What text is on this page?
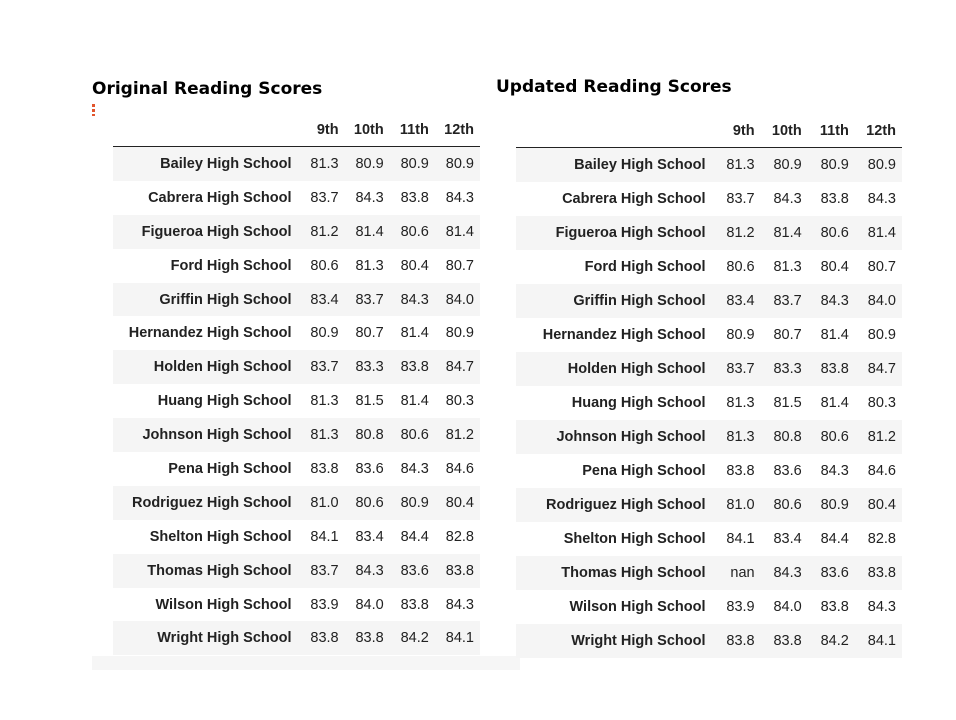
Original Reading Scores
	9th	10th	11th	12th
Bailey High School	81.3	80.9	80.9	80.9
Cabrera High School	83.7	84.3	83.8	84.3
Figueroa High School	81.2	81.4	80.6	81.4
Ford High School	80.6	81.3	80.4	80.7
Griffin High School	83.4	83.7	84.3	84.0
Hernandez High School	80.9	80.7	81.4	80.9
Holden High School	83.7	83.3	83.8	84.7
Huang High School	81.3	81.5	81.4	80.3
Johnson High School	81.3	80.8	80.6	81.2
Pena High School	83.8	83.6	84.3	84.6
Rodriguez High School	81.0	80.6	80.9	80.4
Shelton High School	84.1	83.4	84.4	82.8
Thomas High School	83.7	84.3	83.6	83.8
Wilson High School	83.9	84.0	83.8	84.3
Wright High School	83.8	83.8	84.2	84.1
Updated Reading Scores
	9th	10th	11th	12th
Bailey High School	81.3	80.9	80.9	80.9
Cabrera High School	83.7	84.3	83.8	84.3
Figueroa High School	81.2	81.4	80.6	81.4
Ford High School	80.6	81.3	80.4	80.7
Griffin High School	83.4	83.7	84.3	84.0
Hernandez High School	80.9	80.7	81.4	80.9
Holden High School	83.7	83.3	83.8	84.7
Huang High School	81.3	81.5	81.4	80.3
Johnson High School	81.3	80.8	80.6	81.2
Pena High School	83.8	83.6	84.3	84.6
Rodriguez High School	81.0	80.6	80.9	80.4
Shelton High School	84.1	83.4	84.4	82.8
Thomas High School	nan	84.3	83.6	83.8
Wilson High School	83.9	84.0	83.8	84.3
Wright High School	83.8	83.8	84.2	84.1
